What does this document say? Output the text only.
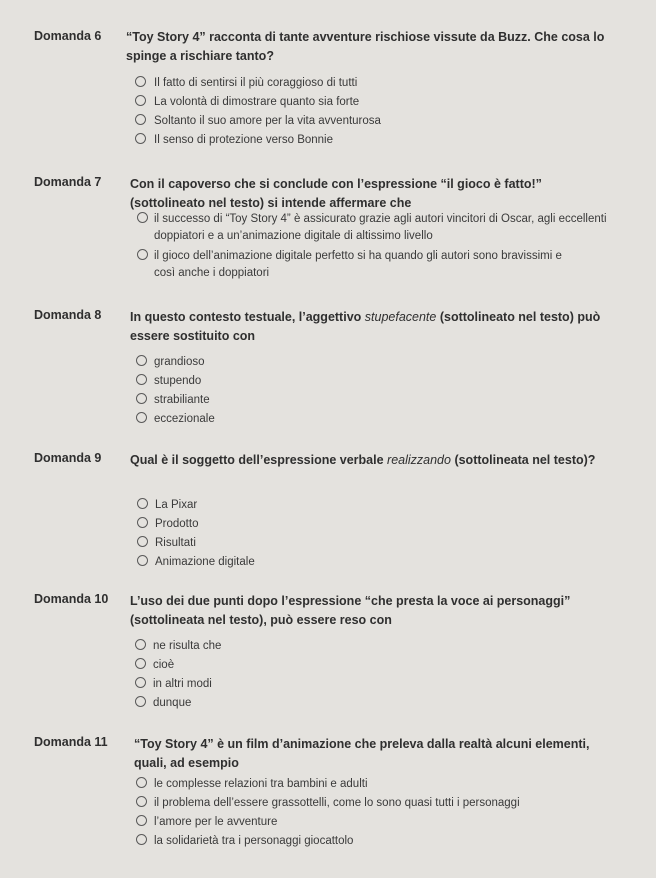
Domanda 6 “Toy Story 4” racconta di tante avventure rischiose vissute da Buzz. Che cosa lo spinge a rischiare tanto?
Il fatto di sentirsi il più coraggioso di tutti
La volontà di dimostrare quanto sia forte
Soltanto il suo amore per la vita avventurosa
Il senso di protezione verso Bonnie
Domanda 7 Con il capoverso che si conclude con l’espressione “il gioco è fatto!” (sottolineato nel testo) si intende affermare che
il successo di “Toy Story 4” è assicurato grazie agli autori vincitori di Oscar, agli eccellenti doppiatori e a un’animazione digitale di altissimo livello
il gioco dell’animazione digitale perfetto si ha quando gli autori sono bravissimi e così anche i doppiatori
Domanda 8 In questo contesto testuale, l’aggettivo stupefacente (sottolineato nel testo) può essere sostituito con
grandioso
stupendo
strabiliante
eccezionale
Domanda 9 Qual è il soggetto dell’espressione verbale realizzando (sottolineata nel testo)?
La Pixar
Prodotto
Risultati
Animazione digitale
Domanda 10 L’uso dei due punti dopo l’espressione “che presta la voce ai personaggi” (sottolineata nel testo), può essere reso con
ne risulta che
cioè
in altri modi
dunque
Domanda 11 “Toy Story 4” è un film d’animazione che preleva dalla realtà alcuni elementi, quali, ad esempio
le complesse relazioni tra bambini e adulti
il problema dell’essere grassottelli, come lo sono quasi tutti i personaggi
l’amore per le avventure
la solidarietà tra i personaggi giocattolo
